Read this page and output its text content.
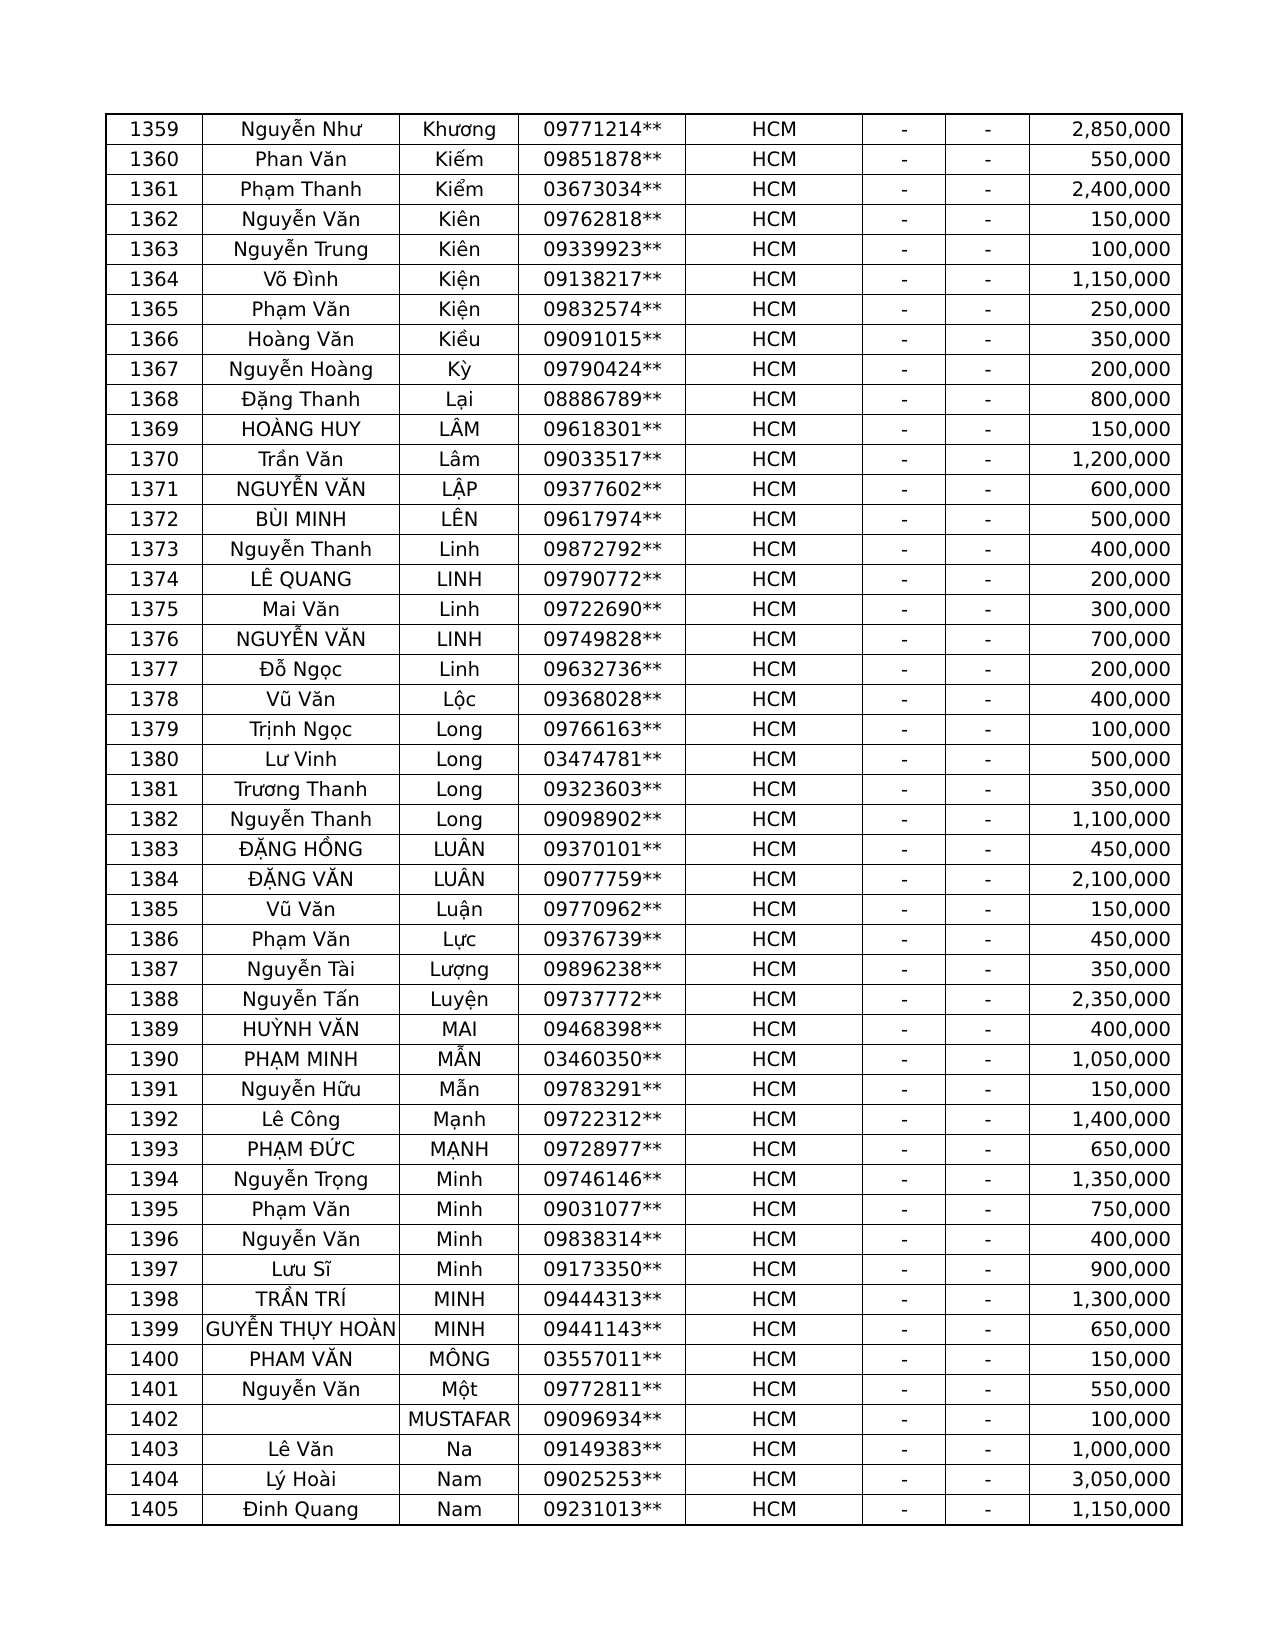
1359	Nguyễn Như	Khương	09771214**	HCM	-	-	2,850,000
1360	Phan Văn	Kiếm	09851878**	HCM	-	-	550,000
1361	Phạm Thanh	Kiểm	03673034**	HCM	-	-	2,400,000
1362	Nguyễn Văn	Kiên	09762818**	HCM	-	-	150,000
1363	Nguyễn Trung	Kiên	09339923**	HCM	-	-	100,000
1364	Võ Đình	Kiện	09138217**	HCM	-	-	1,150,000
1365	Phạm Văn	Kiện	09832574**	HCM	-	-	250,000
1366	Hoàng Văn	Kiều	09091015**	HCM	-	-	350,000
1367	Nguyễn Hoàng	Kỳ	09790424**	HCM	-	-	200,000
1368	Đặng Thanh	Lại	08886789**	HCM	-	-	800,000
1369	HOÀNG HUY	LÂM	09618301**	HCM	-	-	150,000
1370	Trần Văn	Lâm	09033517**	HCM	-	-	1,200,000
1371	NGUYỄN VĂN	LẬP	09377602**	HCM	-	-	600,000
1372	BÙI MINH	LÊN	09617974**	HCM	-	-	500,000
1373	Nguyễn Thanh	Linh	09872792**	HCM	-	-	400,000
1374	LÊ QUANG	LINH	09790772**	HCM	-	-	200,000
1375	Mai Văn	Linh	09722690**	HCM	-	-	300,000
1376	NGUYỄN VĂN	LINH	09749828**	HCM	-	-	700,000
1377	Đỗ Ngọc	Linh	09632736**	HCM	-	-	200,000
1378	Vũ Văn	Lộc	09368028**	HCM	-	-	400,000
1379	Trịnh Ngọc	Long	09766163**	HCM	-	-	100,000
1380	Lư Vinh	Long	03474781**	HCM	-	-	500,000
1381	Trương Thanh	Long	09323603**	HCM	-	-	350,000
1382	Nguyễn Thanh	Long	09098902**	HCM	-	-	1,100,000
1383	ĐẶNG HỒNG	LUÂN	09370101**	HCM	-	-	450,000
1384	ĐẶNG VĂN	LUÂN	09077759**	HCM	-	-	2,100,000
1385	Vũ Văn	Luận	09770962**	HCM	-	-	150,000
1386	Phạm Văn	Lực	09376739**	HCM	-	-	450,000
1387	Nguyễn Tài	Lượng	09896238**	HCM	-	-	350,000
1388	Nguyễn Tấn	Luyện	09737772**	HCM	-	-	2,350,000
1389	HUỲNH VĂN	MAI	09468398**	HCM	-	-	400,000
1390	PHẠM MINH	MẪN	03460350**	HCM	-	-	1,050,000
1391	Nguyễn Hữu	Mẫn	09783291**	HCM	-	-	150,000
1392	Lê Công	Mạnh	09722312**	HCM	-	-	1,400,000
1393	PHẠM ĐỨC	MẠNH	09728977**	HCM	-	-	650,000
1394	Nguyễn Trọng	Minh	09746146**	HCM	-	-	1,350,000
1395	Phạm Văn	Minh	09031077**	HCM	-	-	750,000
1396	Nguyễn Văn	Minh	09838314**	HCM	-	-	400,000
1397	Lưu Sĩ	Minh	09173350**	HCM	-	-	900,000
1398	TRẦN TRÍ	MINH	09444313**	HCM	-	-	1,300,000
1399	GUYỄN THỤY HOÀN	MINH	09441143**	HCM	-	-	650,000
1400	PHAM VĂN	MÔNG	03557011**	HCM	-	-	150,000
1401	Nguyễn Văn	Một	09772811**	HCM	-	-	550,000
1402		MUSTAFAR	09096934**	HCM	-	-	100,000
1403	Lê Văn	Na	09149383**	HCM	-	-	1,000,000
1404	Lý Hoài	Nam	09025253**	HCM	-	-	3,050,000
1405	Đinh Quang	Nam	09231013**	HCM	-	-	1,150,000
